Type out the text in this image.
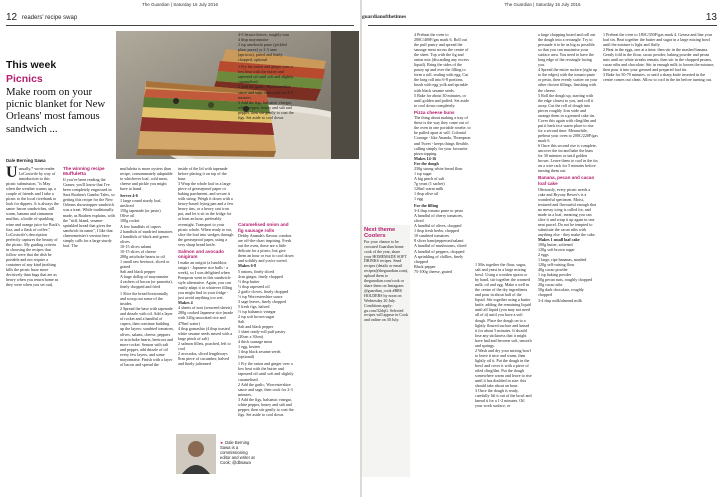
The Guardian | Saturday 16 July 2016
12 readers' recipe swap
This week
Picnics
Make room on your picnic blanket for New Orleans' most famous sandwich ...
Dale Berning Sawa

Uusually,* wrote reader LoCostwife by way of introduction to this picnic submission, "is May when the weather warms up, a couple of friends and I take a picnic to the local riverbank to look for dippers. It is always the same: bacon sandwiches, still warm, banana and cinnamon muffins, a bottle of sparkling wine and orange juice for Buck's fizz, and a flask of coffee." LoCostwife's description perfectly captures the beauty of the picnic. My guiding criteria in choosing the recipes that follow were that the dish be portable and not require a container of any kind (nothing kills the picnic buzz more decisively than bags that are as heavy when you return home as they were when you set out).

The winning recipe

Muffuletta

If you've been reading the Grauer, you'll know that I've been completely engrossed in Sara Roahen's Gumbo Tales, so getting this recipe for the New Orleans showstopper sandwich was a treat. While traditionally made, as Roahen explains, with the "stiff, bland, sesame-sprinkled bread that gives the sandwich its name", I like that cheesemeister's version here simply calls for a large sturdy loaf. The

muffuletta is more oysters than recipe, consummately adaptable to whichever loaf, cold meat, cheese and pickle you might have to hand.

Serves 4-6

1 large round sturdy loaf, unsliced

150g tapenade (or pesto)

Olive oil

100g rocket

A few handfuls of capers

2 handfuls of sundried tomatoes

2 handfuls of black and green olives

10-15 slices salami

10-15 slices of cheese

280g artichoke hearts in oil

1 small raw beetroot, sliced or grated

Salt and black pepper

A large dollop of mayonnaise

4 rashers of bacon (or pancetta), finely chopped and fried

1 Slice the bread horizontally and scoop out some of the insides.

2 Spread the base with tapenade and drizzle with oil. Add a layer of rocket and a handful of capers, then continue building up the layers: sundried tomatoes, olives, salami, cheese, peppers or artichoke hearts, beetroot and more rocket. Season with salt and pepper, add drizzle of oil every few layers, and some mayonnaise. Finish with a layer of bacon and spread the

inside of the lid with tapenade before placing it on top of the base.
3 Wrap the whole loaf in a large piece of greaseproof paper or baking parchment, and secure it with string. Weigh it down with a heavy-based frying pan and a few heavy tins, or a heavy cast iron pot, and let it sit in the fridge for at least an hour, preferably overnight. Transport to your picnic whole. When ready to eat, slice the loaf into wedges through the greaseproof paper, using a very sharp bread knife.

Salmon and avocado onigiram

I make an onigiri (a lunchbox onigiri - Japanese rice balls - a week), so I was delighted when Pompous went in this sandwich-style alternative. Again, you can easily adapt it to whatever filling you might find in your fridge - just avoid anything too wet.

Makes 4

4 sheets of nori (seaweed sheets)

280g cooked Japanese rice (made with 320g uncooked rice and 470ml water)

4 tbsp gomashio (4 tbsp toasted white sesame seeds mixed with a large pinch of salt)

2 salmon fillets, poached, left to cool

2 avocados, sliced lengthways

8cm piece of cucumber, halved and finely julienned

4-5 lettuce leaves, roughly torn

4 tbsp mayonnaise

2 tsp umeboshi paste (pickled plum puree) or 2-3 ume (apricots), pitted and finely chopped, optional

1 Fry the onion and ginger over a low heat with the butter and rapeseed oil until soft and slightly caramelised.
2 Add the garlic, Worcestershire sauce and sage, then cook for 2-3 minutes.
3 Add the figs, balsamic vinegar, white pepper, honey and salt and pepper, then stir gently to coat the figs. Set aside to cool down.

Caramelised onion and fig sausage rolls

Debby Ananda's flavour combos are off-the-chart inspiring. Fresh out the oven, these are a little delicate for a picnic, but give them an hour or two to cool down and solidify and you're sorted.

Makes 6-8

5 onions, finely sliced

4cm ginger, finely chopped

½ tbsp butter

½ tbsp rapeseed oil

2 garlic cloves, finely chopped

½ tsp Worcestershire sauce

3 sage leaves, finely chopped

5 fresh figs, halved

½ tsp balsamic vinegar

2 tsp soft brown sugar

Salt

Salt and black pepper

1 sheet ready-roll puff pastry (20cm x 30cm)

4 thick sausage meat

1 egg, beaten

1 tbsp black sesame seeds (optional)

1 Fry the onion and ginger over a low heat with the butter and rapeseed oil until soft and slightly caramelised.
2 Add the garlic, Worcestershire sauce and sage, then cook for 2-3 minutes.
3 Add the figs, balsamic vinegar, white pepper, honey and salt and pepper, then stir gently to coat the figs. Set aside to cool down.

► Dale Berning Sawa is a commissioning editor and writer at Cook; @dbsawa
The Guardian | Saturday 16 July 2016
guardianofthetimes	13
Next theme Coolers
For your chance to be crowned Guardian home cook of the year, share your HOMEMADE SOFT DRINKS recipes. Send recipes (details or email recipes@theguardian.com), upload them to theguardian.com/cook or share them on Instagram @guardian_cook #RRS HOLDERS by noon on Wednesday 20 July. Conditions apply: gu.com/32dqG. Selected recipes will appear in Cook and online on 30 July.

4 Preheat the oven to 200C/400F/gas mark 6. Roll out the puff pastry and spread the sausage meat across the centre of the sheet. Top with the fig and onion mix (discarding any excess liquid). Bring the sides of the pastry up and over the filling to form a roll, sealing with egg. Cut the long roll into 6-8 portions, brush with egg yolk and sprinkle with black sesame seeds.
5 Bake for about 30 minutes, or until golden and puffed. Set aside to cool down completely.

Pizza cheese buns

The thing about making a tray of these is the way they come out of the oven in one portable rosette, to be pulled apart at will. Colonial Courage - like Ananda, Thompson and Tweet - keeps things flexible, calling simply for your favourite pizza topping.

Makes 14-16

For the dough

230g strong white bread flour

1 tsp sugar

A big pinch of salt

7g yeast (1 sachet)

120ml warm milk

1 tbsp olive oil

1 egg

For the filling

3-4 tbsp tomato paste or pesto

A handful of cherry tomatoes, sliced

A handful of olives, chopped

1 tbsp fresh herbs, chopped

10 sundried tomatoes

8 slices ham/pepperoni/salami

A handful of mushrooms, sliced

A handful of peppers, chopped

A sprinkling of chillies, finely chopped

Black pepper

75-100g cheese, grated

1 Mix together the flour, sugar, salt and yeast in a large mixing bowl. Using a wooden spoon or by hand, stir together the warmed milk, oil and egg. Make a well in the centre of the dry ingredients and pour in about half of the liquid. Stir together using a butter knife, adding the remaining liquid until all liquid (you may not need all of it) until you have a soft dough. Place the dough on to a lightly floured surface and knead it for about 5 minutes. It should lose any stickiness that it might have had and become soft, smooth and springy.
2 Wash and dry your mixing bowl to leave it nice and warm, then lightly oil it. Put the dough in the bowl and cover it with a piece of oiled clingfilm. Put the dough somewhere warm and leave to rise until it has doubled in size: this should take about an hour.
3 Once the dough is ready, carefully lift it out of the bowl and knead it for a 1-2 minutes. Oil your work surface, or

a large chopping board and roll out the dough into a rectangle. Try to persuade it to be as big as possible so that you can maximise your surface area. You need to have the long edge of the rectangle facing you.
4 Spread the entire surface (right up to the edges) with the tomato paste or pesto, then evenly scatter on your other chosen fillings, finishing with the cheese.
5 Roll the dough up, starting with the edge closest to you, and roll it away. Cut the roll of dough into pieces roughly 3cm wide and arrange them in a greased cake tin. Cover this again with clingfilm and put it back in a warm place to rise for a second time. Meanwhile, preheat your oven to 200C/220F/gas mark 6.
6 Once this second rise is complete, uncover the tin and bake the buns for 30 minutes or until golden brown. Leave them to cool in the tin on a wire rack for 5 minutes before turning them out.

Banana, pecan and cacao loaf cake

Obviously, every picnic needs a cake and Bryony Bewer's is a wonderful specimen. Moist, textured and flavourful enough that no messy icing is called for, and made as a loaf, meaning you can slice it and wrap it up again in one neat parcel. Do not be tempted to substitute the cacao nibs with anything else - they make the cake.

Makes 1 small loaf cake

100g butter, softened

120g soft brown sugar

2 eggs

1 large, ripe bananas, mashed

120g self-raising flour

40g cacao powder

1 tsp baking powder

50g pecan nuts, roughly chopped

20g cacao nibs

50g dark chocolate, roughly chopped

3-4 tbsp milk/almond milk

1 Preheat the oven to 180C/350F/gas mark 4. Grease and line your loaf tin. Beat together the butter and sugar in a large mixing bowl until the mixture is light and fluffy.
2 Beat in the eggs, one at a time, then stir in the mashed banana. Gently fold in the flour, cacao powder, baking powder and pecan nuts until no white streaks remain, then stir in the chopped pecans, cacao nibs and chocolate. Stir in enough milk to loosen the mixture, then pour it into your greased and prepared loaf tin.
3 Bake for 50-70 minutes, or until a sharp knife inserted in the centre comes out clean. Allow to cool in the tin before turning out.
